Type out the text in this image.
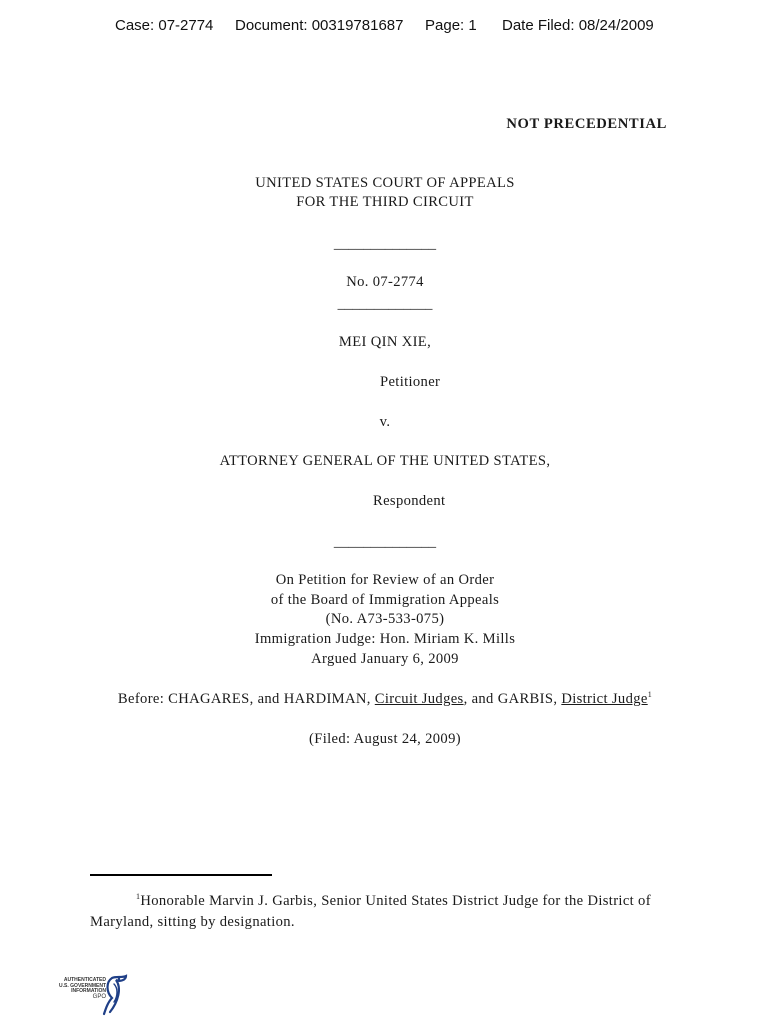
Case: 07-2774 Document: 00319781687 Page: 1 Date Filed: 08/24/2009
NOT PRECEDENTIAL
UNITED STATES COURT OF APPEALS
FOR THE THIRD CIRCUIT
______________
No. 07-2774
_____________
MEI QIN XIE,
Petitioner
v.
ATTORNEY GENERAL OF THE UNITED STATES,
Respondent
______________
On Petition for Review of an Order
of the Board of Immigration Appeals
(No. A73-533-075)
Immigration Judge: Hon. Miriam K. Mills
Argued January 6, 2009
Before: CHAGARES, and HARDIMAN, Circuit Judges, and GARBIS, District Judge$^1$
(Filed: August 24, 2009)
$^1$Honorable Marvin J. Garbis, Senior United States District Judge for the District of
Maryland, sitting by designation.
AUTHENTICATED
U.S. GOVERNMENT
INFORMATION
GPO
